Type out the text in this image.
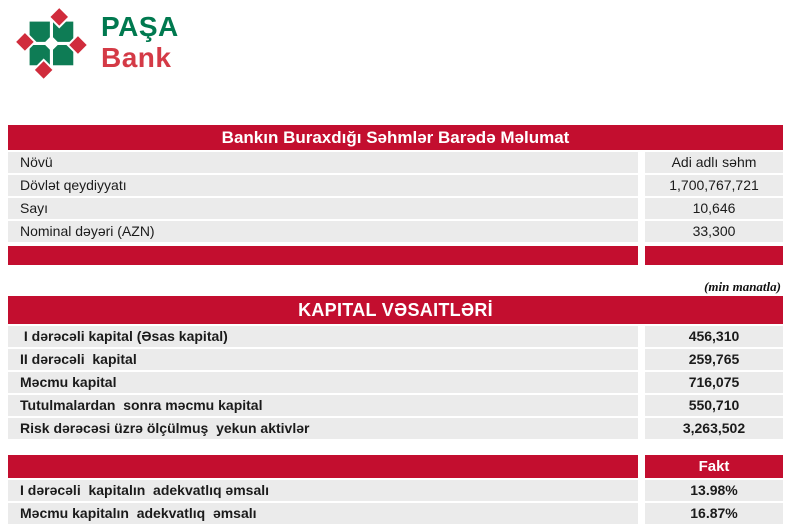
PAŞA
Bank
Bankın Buraxdığı Səhmlər Barədə Məlumat
Növü	Adi adlı səhm
Dövlət qeydiyyatı	1,700,767,721
Sayı	10,646
Nominal dəyəri (AZN)	33,300
(min manatla)
KAPITAL VƏSAITLƏRİ
I dərəcəli kapital (Əsas kapital)	456,310
II dərəcəli  kapital	259,765
Məcmu kapital	716,075
Tutulmalardan  sonra məcmu kapital	550,710
Risk dərəcəsi üzrə ölçülmuş  yekun aktivlər	3,263,502
Fakt
I dərəcəli  kapitalın  adekvatlıq əmsalı	13.98%
Məcmu kapitalın  adekvatlıq  əmsalı	16.87%
